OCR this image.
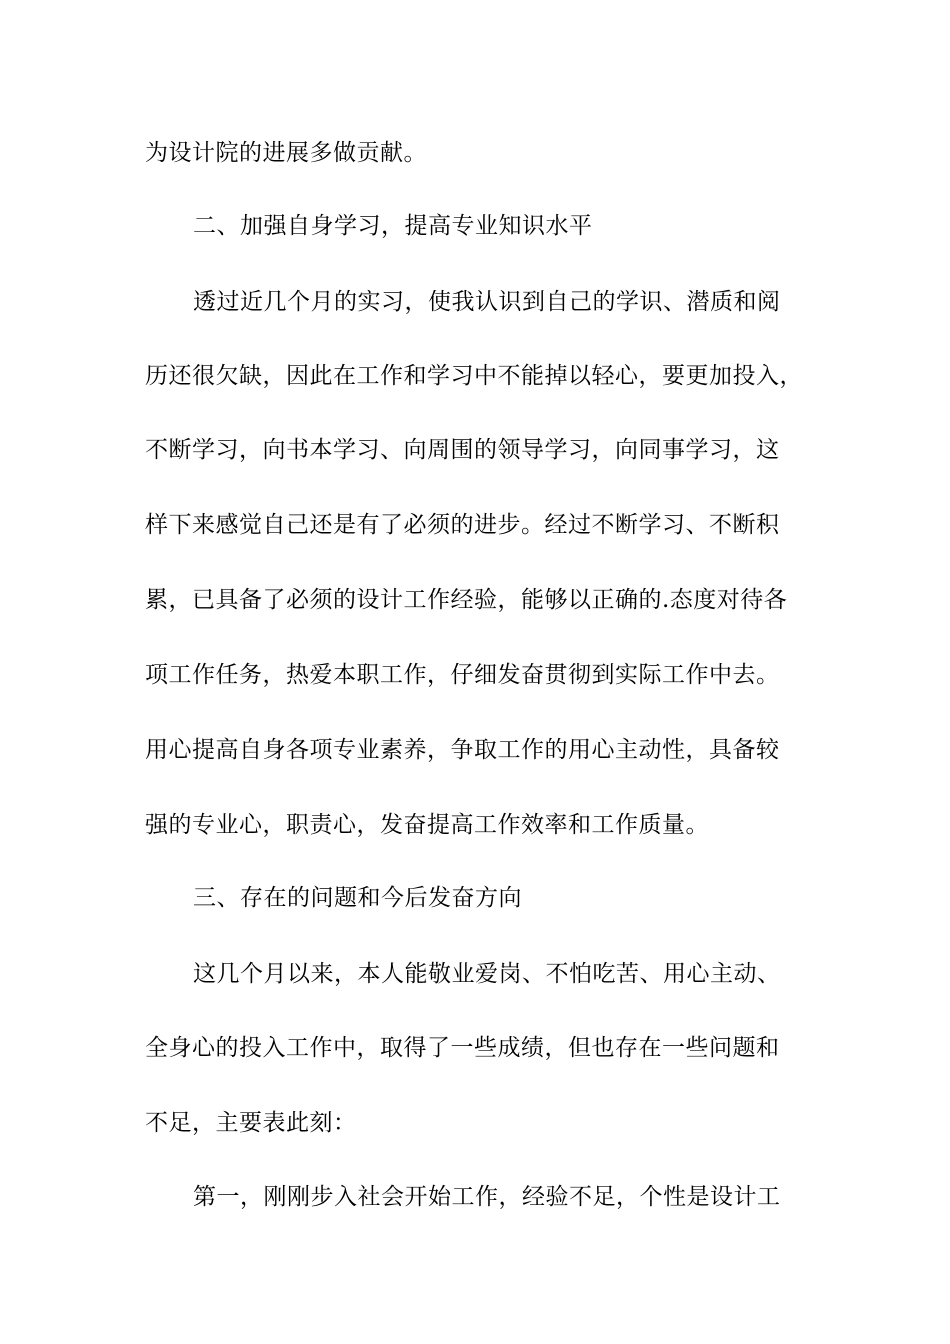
为设计院的进展多做贡献。
二、加强自身学习，提高专业知识水平
透过近几个月的实习，使我认识到自己的学识、潜质和阅
历还很欠缺，因此在工作和学习中不能掉以轻心，要更加投入，
不断学习，向书本学习、向周围的领导学习，向同事学习，这
样下来感觉自己还是有了必须的进步。经过不断学习、不断积
累，已具备了必须的设计工作经验，能够以正确的.态度对待各
项工作任务，热爱本职工作，仔细发奋贯彻到实际工作中去。
用心提高自身各项专业素养，争取工作的用心主动性，具备较
强的专业心，职责心，发奋提高工作效率和工作质量。
三、存在的问题和今后发奋方向
这几个月以来，本人能敬业爱岗、不怕吃苦、用心主动、
全身心的投入工作中，取得了一些成绩，但也存在一些问题和
不足，主要表此刻：
第一，刚刚步入社会开始工作，经验不足，个性是设计工
